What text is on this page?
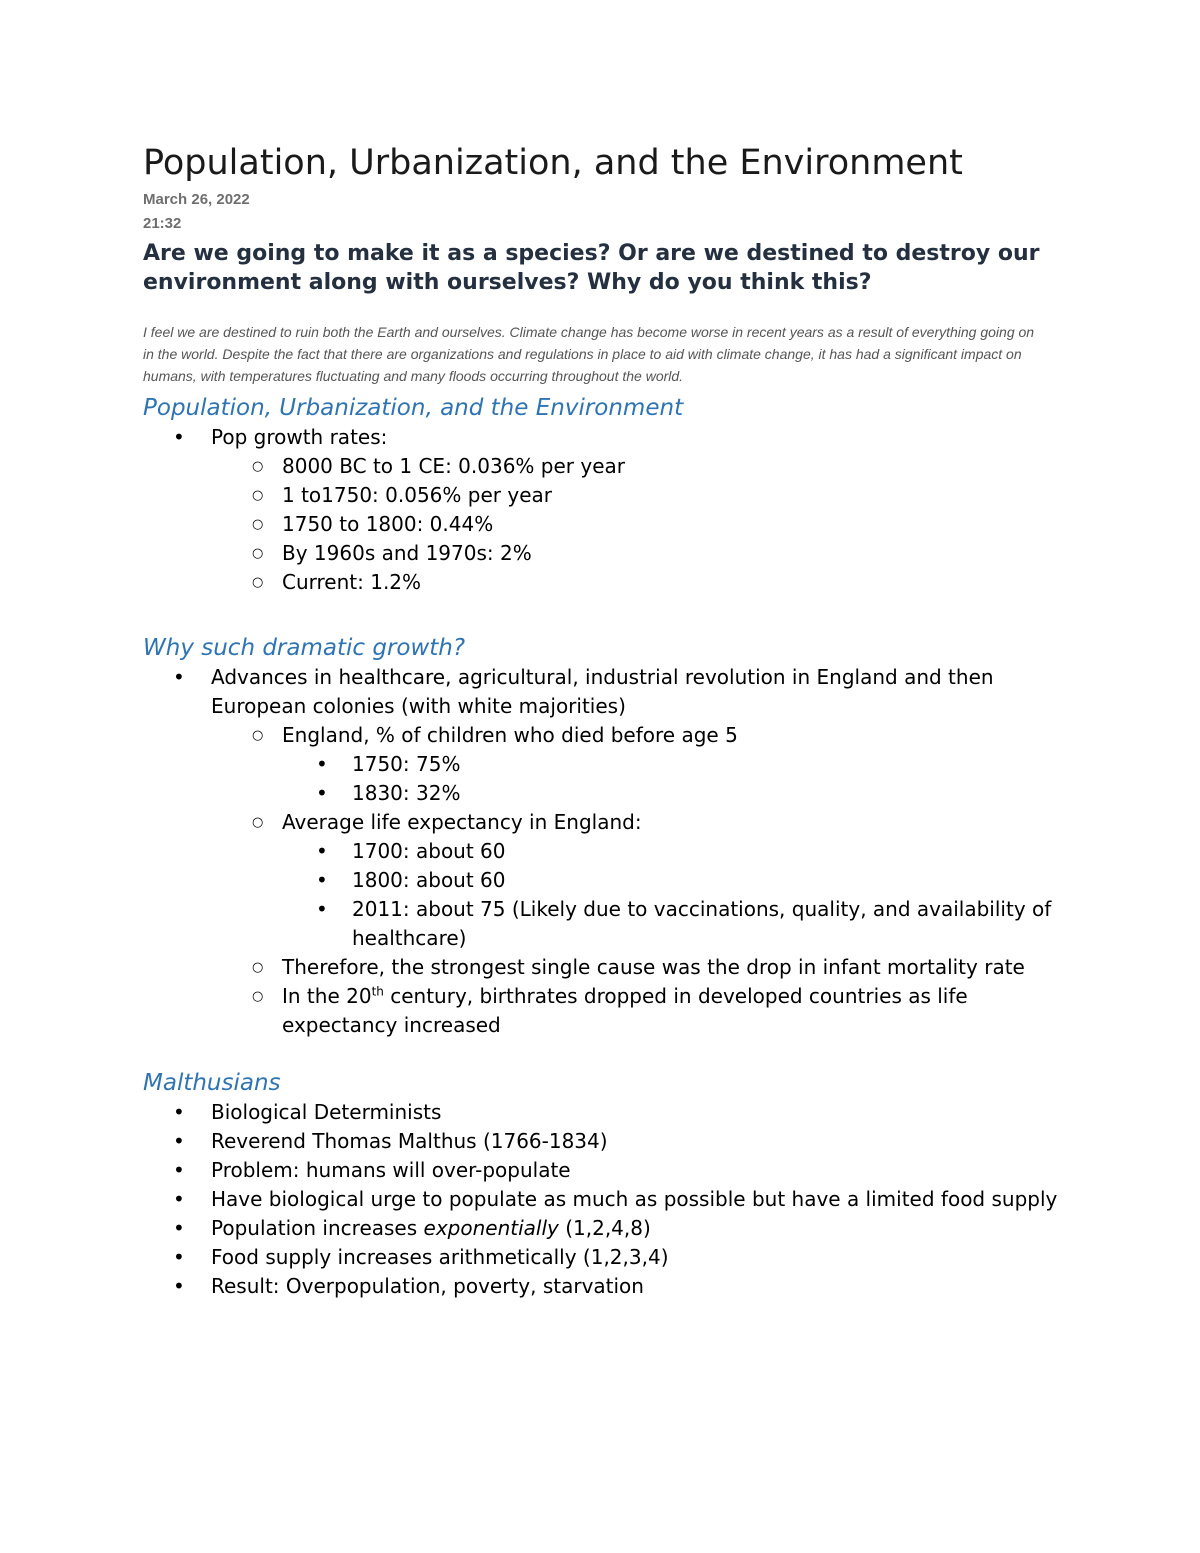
Population, Urbanization, and the Environment

March 26, 2022

21:32

Are we going to make it as a species? Or are we destined to destroy our environment along with ourselves? Why do you think this?

I feel we are destined to ruin both the Earth and ourselves. Climate change has become worse in recent years as a result of everything going on in the world. Despite the fact that there are organizations and regulations in place to aid with climate change, it has had a significant impact on humans, with temperatures fluctuating and many floods occurring throughout the world.

Population, Urbanization, and the Environment
• Pop growth rates:
○ 8000 BC to 1 CE: 0.036% per year
○ 1 to1750: 0.056% per year
○ 1750 to 1800: 0.44%
○ By 1960s and 1970s: 2%
○ Current: 1.2%
Why such dramatic growth?
• Advances in healthcare, agricultural, industrial revolution in England and then European colonies (with white majorities)
○ England, % of children who died before age 5
• 1750: 75%
• 1830: 32%
○ Average life expectancy in England:
• 1700: about 60
• 1800: about 60
• 2011: about 75 (Likely due to vaccinations, quality, and availability of healthcare)
○ Therefore, the strongest single cause was the drop in infant mortality rate
○ In the 20th century, birthrates dropped in developed countries as life expectancy increased
Malthusians
• Biological Determinists
• Reverend Thomas Malthus (1766-1834)
• Problem: humans will over-populate
• Have biological urge to populate as much as possible but have a limited food supply
• Population increases exponentially (1,2,4,8)
• Food supply increases arithmetically (1,2,3,4)
• Result: Overpopulation, poverty, starvation
